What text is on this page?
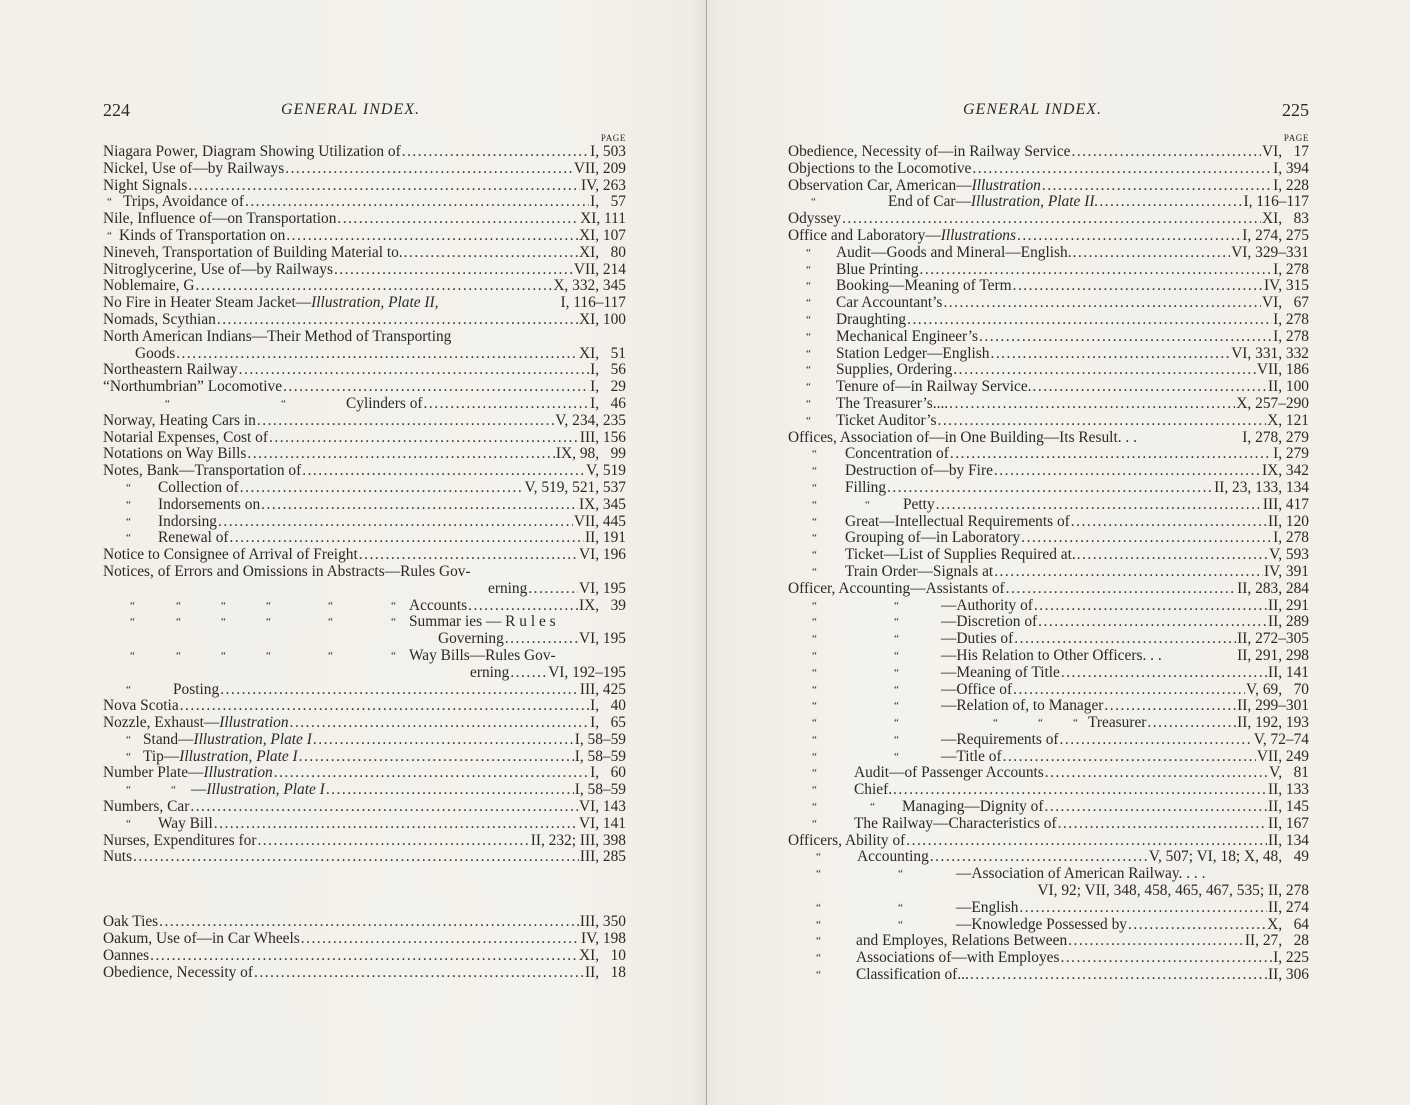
224	GENERAL INDEX.
PAGE
Niagara Power, Diagram Showing Utilization of .....	I, 503
Nickel, Use of—by Railways .....	VII, 209
Night Signals .....	IV, 263
“ Trips, Avoidance of .....	I,   57
Nile, Influence of—on Transportation .....	XI, 111
“ Kinds of Transportation on .....	XI, 107
Nineveh, Transportation of Building Material to. .....	XI,   80
Nitroglycerine, Use of—by Railways .....	VII, 214
Noblemaire, G .....	X, 332, 345
No Fire in Heater Steam Jacket—Illustration, Plate II,	I, 116–117
Nomads, Scythian .....	XI, 100
North American Indians—Their Method of Transporting
Goods .....	XI,   51
Northeastern Railway .....	I,   56
“Northumbrian” Locomotive .....	I,   29
“	“	Cylinders of .....	I,   46
Norway, Heating Cars in .....	V, 234, 235
Notarial Expenses, Cost of .....	III, 156
Notations on Way Bills .....	IX, 98,   99
Notes, Bank—Transportation of .....	V, 519
“ Collection of .....	V, 519, 521, 537
“ Indorsements on .....	IX, 345
“ Indorsing .....	VII, 445
“ Renewal of .....	II, 191
Notice to Consignee of Arrival of Freight .....	VI, 196
Notices, of Errors and Omissions in Abstracts—Rules Gov-
erning .....	VI, 195
“	“	“	“	“	“ Accounts .....	IX,   39
“	“	“	“	“	“ Summar ies — R u l e s
Governing .....	VI, 195
“	“	“	“	“	“ Way Bills—Rules Gov-
erning .....	VI, 192–195
“	Posting .....	III, 425
Nova Scotia .....	I,   40
Nozzle, Exhaust—Illustration .....	I,   65
“ Stand—Illustration, Plate I .....	I, 58–59
“ Tip—Illustration, Plate I .....	I, 58–59
Number Plate—Illustration .....	I,   60
“	“ —Illustration, Plate I .....	I, 58–59
Numbers, Car .....	VI, 143
“ Way Bill .....	VI, 141
Nurses, Expenditures for .....	II, 232; III, 398
Nuts .....	III, 285
Oak Ties .....	III, 350
Oakum, Use of—in Car Wheels .....	IV, 198
Oannes .....	XI,   10
Obedience, Necessity of .....	II,   18
GENERAL INDEX.	225
PAGE
Obedience, Necessity of—in Railway Service .....	VI,   17
Objections to the Locomotive .....	I, 394
Observation Car, American—Illustration .....	I, 228
“	End of Car—Illustration, Plate II. .....	I, 116–117
Odyssey .....	XI,   83
Office and Laboratory—Illustrations .....	I, 274, 275
“ Audit—Goods and Mineral—English. .....	VI, 329–331
“ Blue Printing .....	I, 278
“ Booking—Meaning of Term .....	IV, 315
“ Car Accountant’s .....	VI,   67
“ Draughting .....	I, 278
“ Mechanical Engineer’s .....	I, 278
“ Station Ledger—English .....	VI, 331, 332
“ Supplies, Ordering .....	VII, 186
“ Tenure of—in Railway Service. .....	II, 100
“ The Treasurer’s.... .....	X, 257–290
“ Ticket Auditor’s .....	X, 121
Offices, Association of—in One Building—Its Result. . .	I, 278, 279
“ Concentration of .....	I, 279
“ Destruction of—by Fire .....	IX, 342
“ Filling .....	II, 23, 133, 134
“	“ Petty .....	III, 417
“ Great—Intellectual Requirements of .....	II, 120
“ Grouping of—in Laboratory .....	I, 278
“ Ticket—List of Supplies Required at. .....	V, 593
“ Train Order—Signals at .....	IV, 391
Officer, Accounting—Assistants of .....	II, 283, 284
“	“	—Authority of .....	II, 291
“	“	—Discretion of .....	II, 289
“	“	—Duties of .....	II, 272–305
“	“	—His Relation to Other Officers. . .	II, 291, 298
“	“	—Meaning of Title .....	II, 141
“	“	—Office of .....	V, 69,   70
“	“	—Relation of, to Manager .....	II, 299–301
“	“	“	“	“ Treasurer .....	II, 192, 193
“	“	—Requirements of .....	V, 72–74
“	“	—Title of .....	VII, 249
“ Audit—of Passenger Accounts .....	V,   81
“ Chief. .....	II, 133
“	“ Managing—Dignity of .....	II, 145
“ The Railway—Characteristics of .....	II, 167
Officers, Ability of .....	II, 134
“ Accounting .....	V, 507; VI, 18; X, 48,   49
“	“	—Association of American Railway. . . .
VI, 92; VII, 348, 458, 465, 467, 535; II, 278
“	“	—English .....	II, 274
“	“	—Knowledge Possessed by .....	X,   64
“ and Employes, Relations Between .....	II, 27,   28
“ Associations of—with Employes .....	I, 225
“ Classification of... .....	II, 306
